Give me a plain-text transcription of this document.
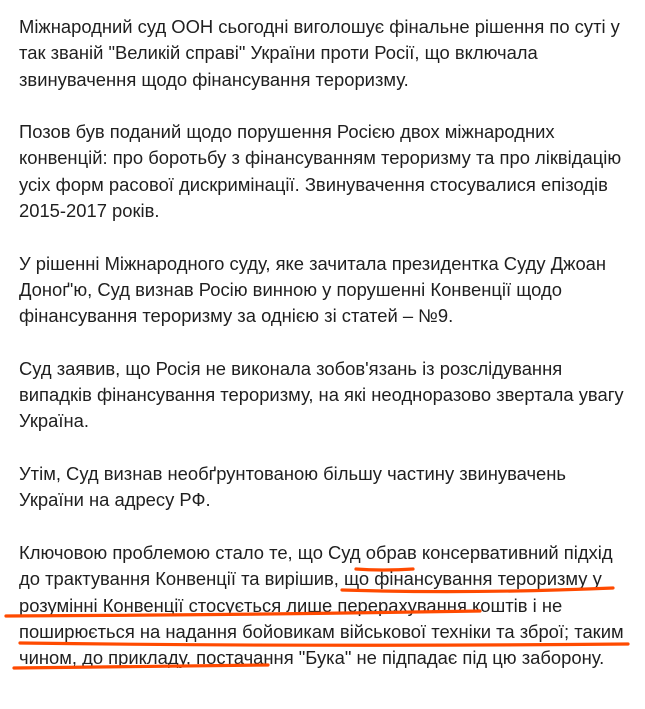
Міжнародний суд ООН сьогодні виголошує фінальне рішення по суті у так званій "Великій справі" України проти Росії, що включала звинувачення щодо фінансування тероризму.

Позов був поданий щодо порушення Росією двох міжнародних конвенцій: про боротьбу з фінансуванням тероризму та про ліквідацію усіх форм расової дискримінації. Звинувачення стосувалися епізодів 2015-2017 років.

У рішенні Міжнародного суду, яке зачитала президентка Суду Джоан Доноґ'ю, Суд визнав Росію винною у порушенні Конвенції щодо фінансування тероризму за однією зі статей – №9.

Суд заявив, що Росія не виконала зобов'язань із розслідування випадків фінансування тероризму, на які неодноразово звертала увагу Україна.

Утім, Суд визнав необґрунтованою більшу частину звинувачень України на адресу РФ.

Ключовою проблемою стало те, що Суд обрав консервативний підхід до трактування Конвенції та вирішив, що фінансування тероризму у розумінні Конвенції стосується лише перерахування коштів і не поширюється на надання бойовикам військової техніки та зброї; таким чином, до прикладу, постачання "Бука" не підпадає під цю заборону.
